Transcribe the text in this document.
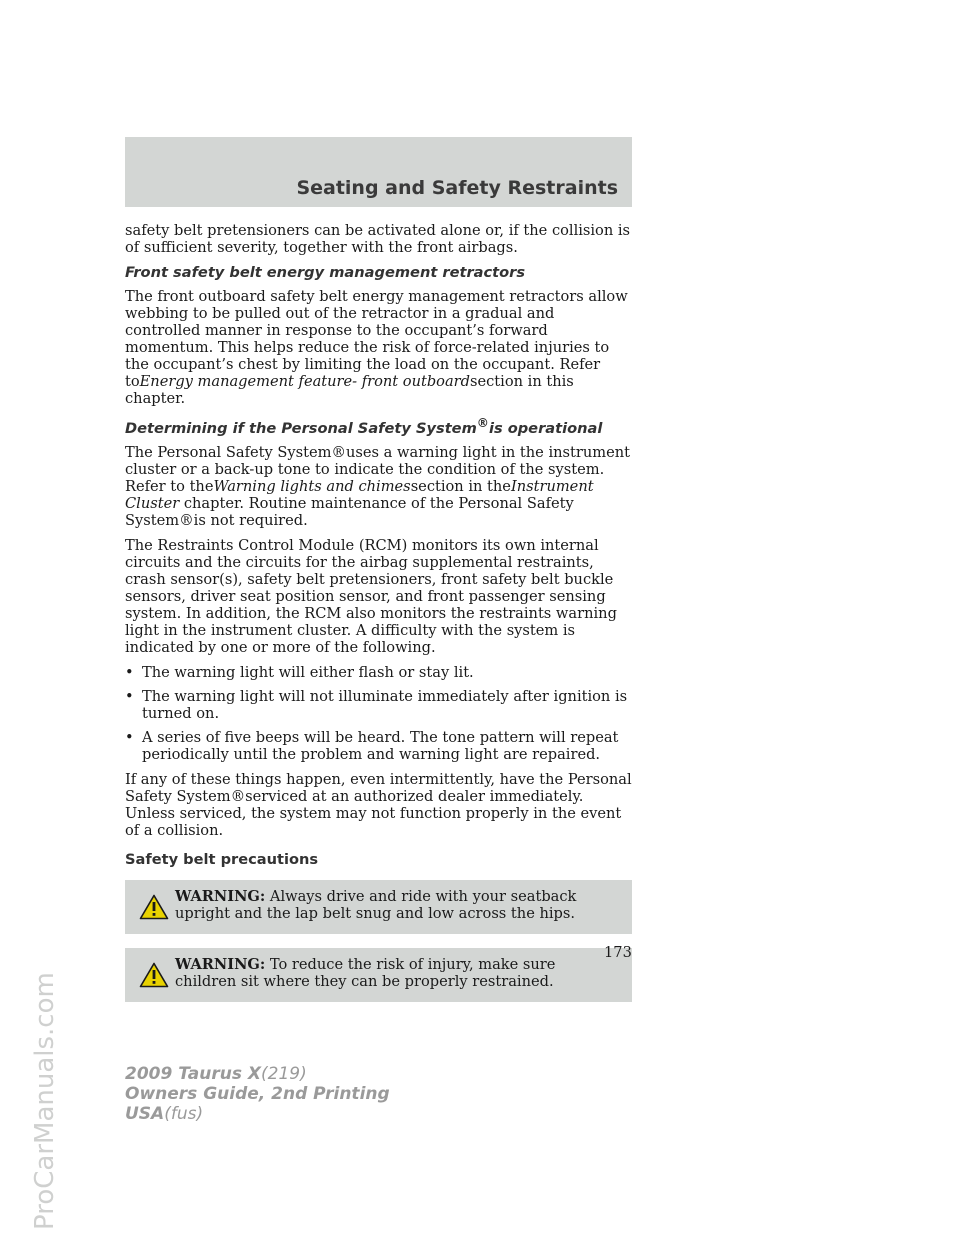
Seating and Safety Restraints

safety belt pretensioners can be activated alone or, if the collision is of sufficient severity, together with the front airbags.

Front safety belt energy management retractors

The front outboard safety belt energy management retractors allow webbing to be pulled out of the retractor in a gradual and controlled manner in response to the occupant’s forward momentum. This helps reduce the risk of force-related injuries to the occupant’s chest by limiting the load on the occupant. Refer toEnergy management feature- front outboardsection in this chapter.

Determining if the Personal Safety System®is operational

The Personal Safety System®uses a warning light in the instrument cluster or a back-up tone to indicate the condition of the system. Refer to theWarning lights and chimessection in theInstrument Cluster chapter. Routine maintenance of the Personal Safety System®is not required.

The Restraints Control Module (RCM) monitors its own internal circuits and the circuits for the airbag supplemental restraints, crash sensor(s), safety belt pretensioners, front safety belt buckle sensors, driver seat position sensor, and front passenger sensing system. In addition, the RCM also monitors the restraints warning light in the instrument cluster. A difficulty with the system is indicated by one or more of the following.

• The warning light will either flash or stay lit.
• The warning light will not illuminate immediately after ignition is turned on.
• A series of five beeps will be heard. The tone pattern will repeat periodically until the problem and warning light are repaired.

If any of these things happen, even intermittently, have the Personal Safety System®serviced at an authorized dealer immediately. Unless serviced, the system may not function properly in the event of a collision.

Safety belt precautions
WARNING: Always drive and ride with your seatback upright and the lap belt snug and low across the hips.
WARNING: To reduce the risk of injury, make sure children sit where they can be properly restrained.
173
2009 Taurus X(219)
Owners Guide, 2nd Printing
USA(fus)
ProCarManuals.com
